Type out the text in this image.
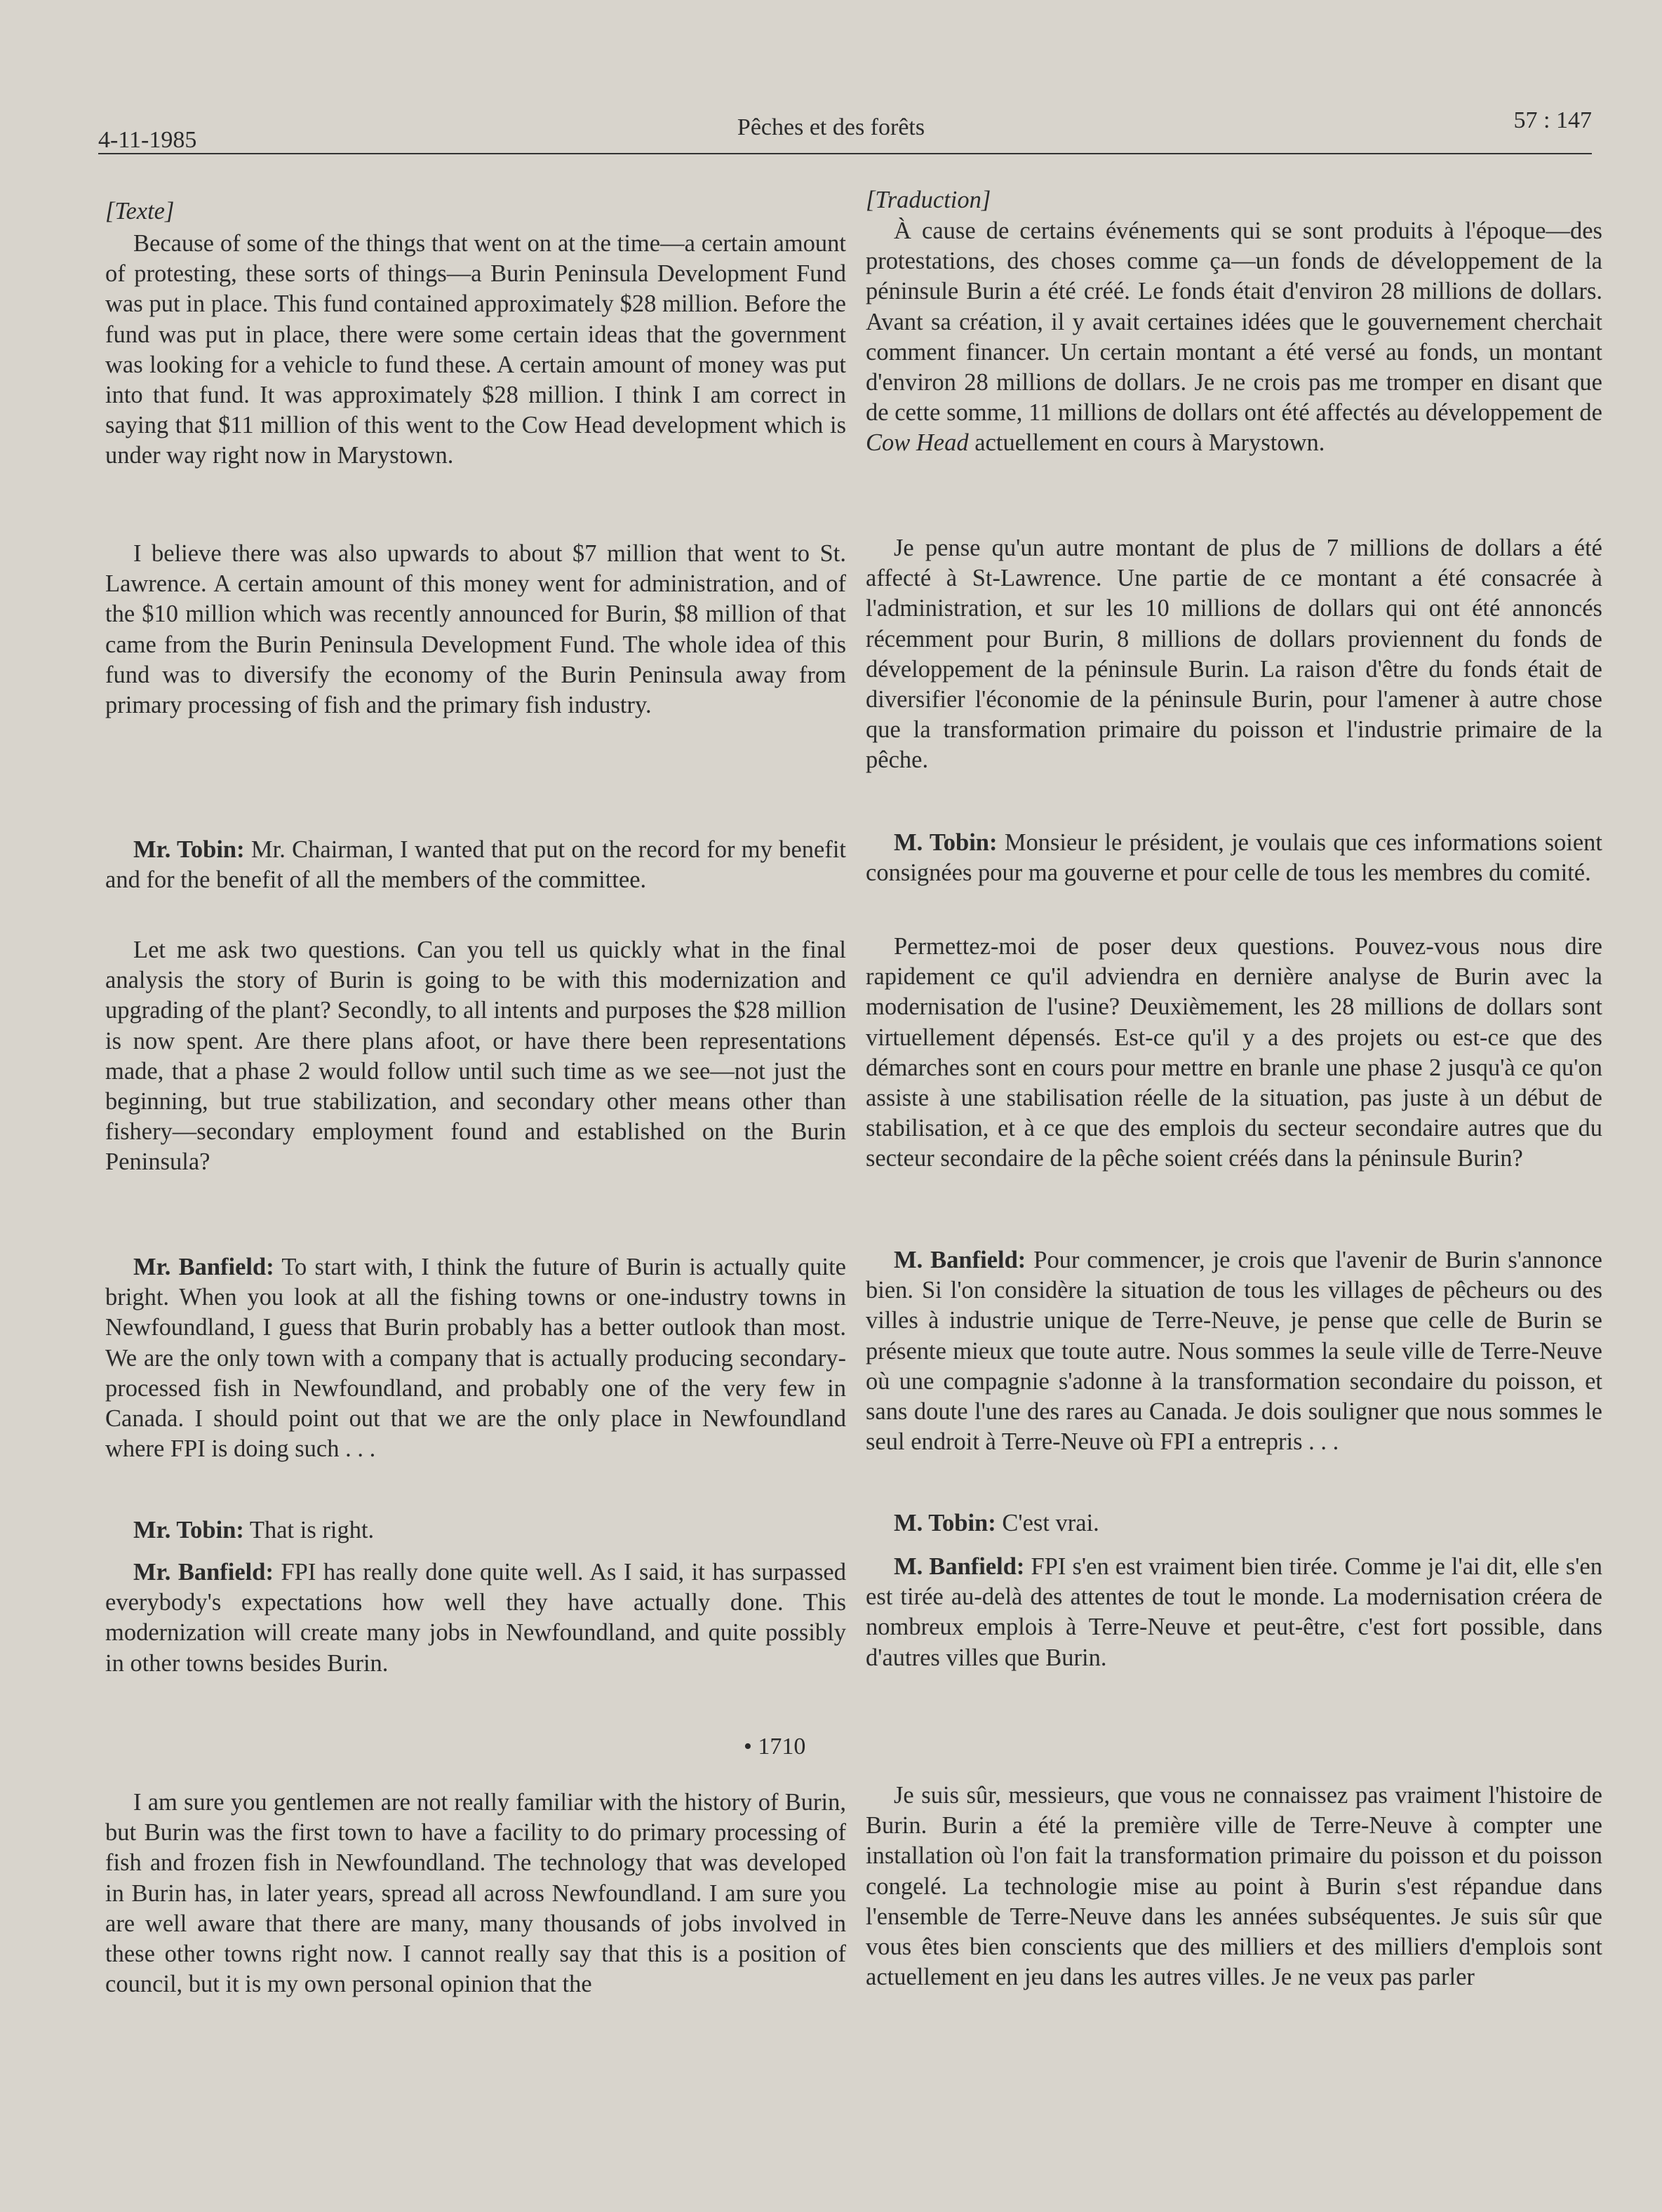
4-11-1985	Pêches et des forêts	57 : 147

[Texte]

Because of some of the things that went on at the time—a certain amount of protesting, these sorts of things—a Burin Peninsula Development Fund was put in place. This fund contained approximately $28 million. Before the fund was put in place, there were some certain ideas that the government was looking for a vehicle to fund these. A certain amount of money was put into that fund. It was approximately $28 million. I think I am correct in saying that $11 million of this went to the Cow Head development which is under way right now in Marystown.

I believe there was also upwards to about $7 million that went to St. Lawrence. A certain amount of this money went for administration, and of the $10 million which was recently announced for Burin, $8 million of that came from the Burin Peninsula Development Fund. The whole idea of this fund was to diversify the economy of the Burin Peninsula away from primary processing of fish and the primary fish industry.

Mr. Tobin: Mr. Chairman, I wanted that put on the record for my benefit and for the benefit of all the members of the committee.

Let me ask two questions. Can you tell us quickly what in the final analysis the story of Burin is going to be with this modernization and upgrading of the plant? Secondly, to all intents and purposes the $28 million is now spent. Are there plans afoot, or have there been representations made, that a phase 2 would follow until such time as we see—not just the beginning, but true stabilization, and secondary other means other than fishery—secondary employment found and established on the Burin Peninsula?

Mr. Banfield: To start with, I think the future of Burin is actually quite bright. When you look at all the fishing towns or one-industry towns in Newfoundland, I guess that Burin probably has a better outlook than most. We are the only town with a company that is actually producing secondary-processed fish in Newfoundland, and probably one of the very few in Canada. I should point out that we are the only place in Newfoundland where FPI is doing such . . .

Mr. Tobin: That is right.

Mr. Banfield: FPI has really done quite well. As I said, it has surpassed everybody's expectations how well they have actually done. This modernization will create many jobs in Newfoundland, and quite possibly in other towns besides Burin.

I am sure you gentlemen are not really familiar with the history of Burin, but Burin was the first town to have a facility to do primary processing of fish and frozen fish in Newfoundland. The technology that was developed in Burin has, in later years, spread all across Newfoundland. I am sure you are well aware that there are many, many thousands of jobs involved in these other towns right now. I cannot really say that this is a position of council, but it is my own personal opinion that the

• 1710

[Traduction]

À cause de certains événements qui se sont produits à l'époque—des protestations, des choses comme ça—un fonds de développement de la péninsule Burin a été créé. Le fonds était d'environ 28 millions de dollars. Avant sa création, il y avait certaines idées que le gouvernement cherchait comment financer. Un certain montant a été versé au fonds, un montant d'environ 28 millions de dollars. Je ne crois pas me tromper en disant que de cette somme, 11 millions de dollars ont été affectés au développement de Cow Head actuellement en cours à Marystown.

Je pense qu'un autre montant de plus de 7 millions de dollars a été affecté à St-Lawrence. Une partie de ce montant a été consacrée à l'administration, et sur les 10 millions de dollars qui ont été annoncés récemment pour Burin, 8 millions de dollars proviennent du fonds de développement de la péninsule Burin. La raison d'être du fonds était de diversifier l'économie de la péninsule Burin, pour l'amener à autre chose que la transformation primaire du poisson et l'industrie primaire de la pêche.

M. Tobin: Monsieur le président, je voulais que ces informations soient consignées pour ma gouverne et pour celle de tous les membres du comité.

Permettez-moi de poser deux questions. Pouvez-vous nous dire rapidement ce qu'il adviendra en dernière analyse de Burin avec la modernisation de l'usine? Deuxièmement, les 28 millions de dollars sont virtuellement dépensés. Est-ce qu'il y a des projets ou est-ce que des démarches sont en cours pour mettre en branle une phase 2 jusqu'à ce qu'on assiste à une stabilisation réelle de la situation, pas juste à un début de stabilisation, et à ce que des emplois du secteur secondaire autres que du secteur secondaire de la pêche soient créés dans la péninsule Burin?

M. Banfield: Pour commencer, je crois que l'avenir de Burin s'annonce bien. Si l'on considère la situation de tous les villages de pêcheurs ou des villes à industrie unique de Terre-Neuve, je pense que celle de Burin se présente mieux que toute autre. Nous sommes la seule ville de Terre-Neuve où une compagnie s'adonne à la transformation secondaire du poisson, et sans doute l'une des rares au Canada. Je dois souligner que nous sommes le seul endroit à Terre-Neuve où FPI a entrepris . . .

M. Tobin: C'est vrai.

M. Banfield: FPI s'en est vraiment bien tirée. Comme je l'ai dit, elle s'en est tirée au-delà des attentes de tout le monde. La modernisation créera de nombreux emplois à Terre-Neuve et peut-être, c'est fort possible, dans d'autres villes que Burin.

Je suis sûr, messieurs, que vous ne connaissez pas vraiment l'histoire de Burin. Burin a été la première ville de Terre-Neuve à compter une installation où l'on fait la transformation primaire du poisson et du poisson congelé. La technologie mise au point à Burin s'est répandue dans l'ensemble de Terre-Neuve dans les années subséquentes. Je suis sûr que vous êtes bien conscients que des milliers et des milliers d'emplois sont actuellement en jeu dans les autres villes. Je ne veux pas parler
